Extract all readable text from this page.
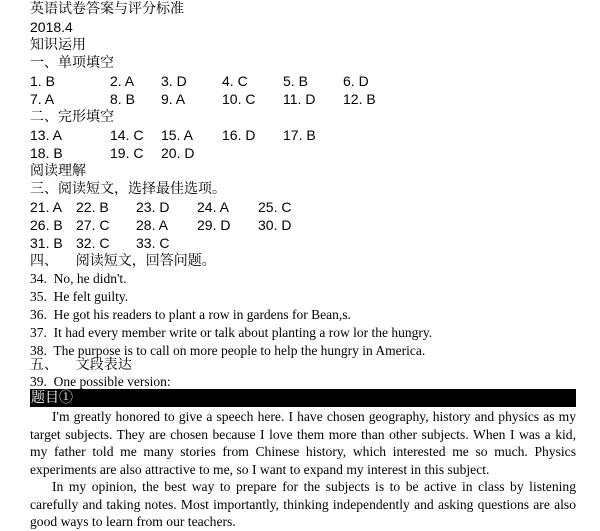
英语试卷答案与评分标准
2018.4
知识运用
一、单项填空
1. B	2. A 3. D	4. C	5. B	6. D
7. A	8. B 9. A	10. C 11. D 12. B
二、完形填空
13. A	14. C 15. A 16. D 17. B
18. B	19. C 20. D
阅读理解
三、阅读短文，选择最佳选项。
21. A 22. B 23. D 24. A 25. C
26. B 27. C 28. A 29. D 30. D
31. B 32. C 33. C
四、    阅读短文，回答问题。
34.  No, he didn't.
35.  He felt guilty.
36.  He got his readers to plant a row in gardens for Bean,s.
37.  It had every member write or talk about planting a row lor the hungry.
38.  The purpose is to call on more people to help the hungry in America.
五、    文段表达
39.  One possible version:
题目①

I'm greatly honored to give a speech here. I have chosen geography, history and physics as my target subjects. They are chosen because I love them more than other subjects. When I was a kid, my father told me many stories from Chinese history, which interested me so much. Physics experiments are also attractive to me, so I want to expand my interest in this subject.

In my opinion, the best way to prepare for the subjects is to be active in class by listening carefully and taking notes. Most importantly, thinking independently and asking questions are also good ways to learn from our teachers.
